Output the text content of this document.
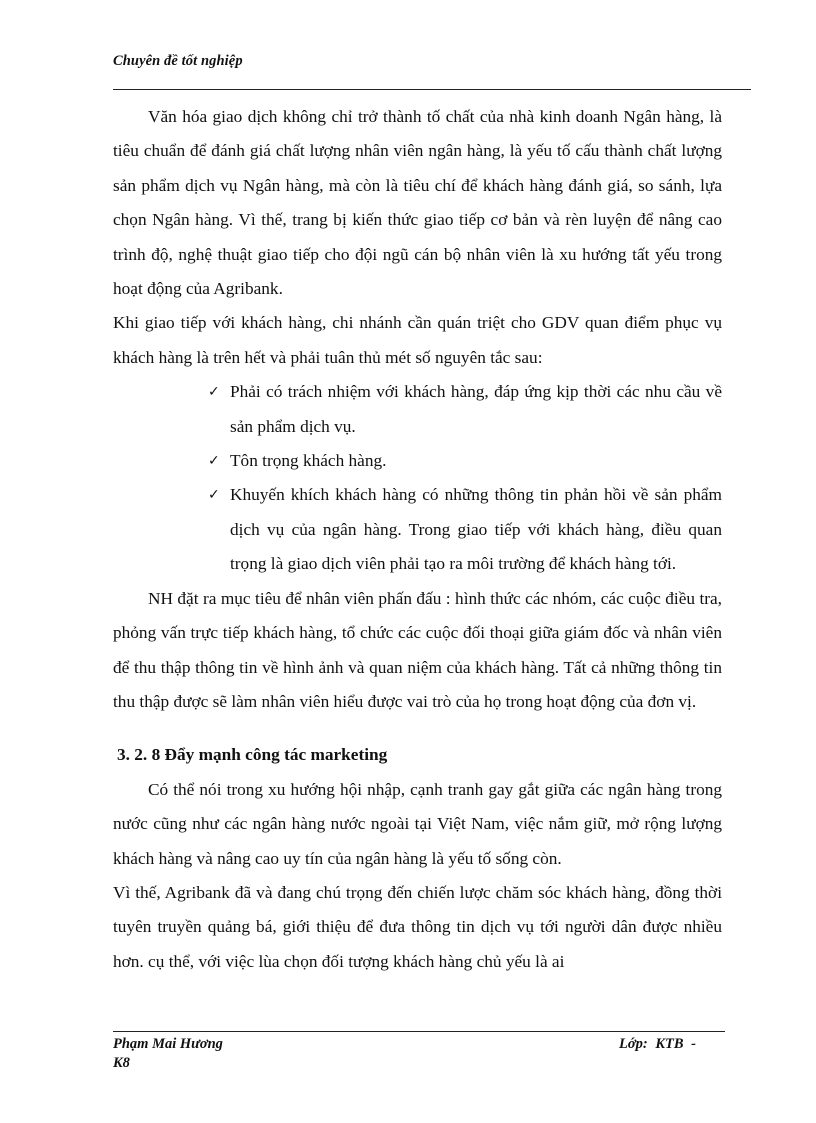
Chuyên đề tốt nghiệp

Văn hóa giao dịch không chỉ trở thành tố chất của nhà kinh doanh Ngân hàng, là tiêu chuẩn để đánh giá chất lượng nhân viên ngân hàng, là yếu tố cấu thành chất lượng sản phẩm dịch vụ Ngân hàng, mà còn là tiêu chí để khách hàng đánh giá, so sánh, lựa chọn Ngân hàng. Vì thế, trang bị kiến thức giao tiếp cơ bản và rèn luyện để nâng cao trình độ, nghệ thuật giao tiếp cho đội ngũ cán bộ nhân viên là xu hướng tất yếu trong hoạt động của Agribank.

Khi giao tiếp với khách hàng, chi nhánh cần quán triệt cho GDV quan điểm phục vụ khách hàng là trên hết và phải tuân thủ mét số nguyên tắc sau:

✓ Phải có trách nhiệm với khách hàng, đáp ứng kịp thời các nhu cầu về sản phẩm dịch vụ.
✓ Tôn trọng khách hàng.
✓ Khuyến khích khách hàng có những thông tin phản hồi về sản phẩm dịch vụ của ngân hàng. Trong giao tiếp với khách hàng, điều quan trọng là giao dịch viên phải tạo ra môi trường để khách hàng tới.

NH đặt ra mục tiêu để nhân viên phấn đấu : hình thức các nhóm, các cuộc điều tra, phỏng vấn trực tiếp khách hàng, tổ chức các cuộc đối thoại giữa giám đốc và nhân viên để thu thập thông tin về hình ảnh và quan niệm của khách hàng. Tất cả những thông tin thu thập được sẽ làm nhân viên hiểu được vai trò của họ trong hoạt động của đơn vị.

3. 2. 8 Đẩy mạnh công tác marketing

Có thể nói trong xu hướng hội nhập, cạnh tranh gay gắt giữa các ngân hàng trong nước cũng như các ngân hàng nước ngoài tại Việt Nam, việc nắm giữ, mở rộng lượng khách hàng và nâng cao uy tín của ngân hàng là yếu tố sống còn.

Vì thế, Agribank đã và đang chú trọng đến chiến lược chăm sóc khách hàng, đồng thời tuyên truyền quảng bá, giới thiệu để đưa thông tin dịch vụ tới người dân được nhiều hơn. cụ thể, với việc lùa chọn đối tượng khách hàng chủ yếu là ai

Phạm Mai Hương
K8
Lớp: KTB -
